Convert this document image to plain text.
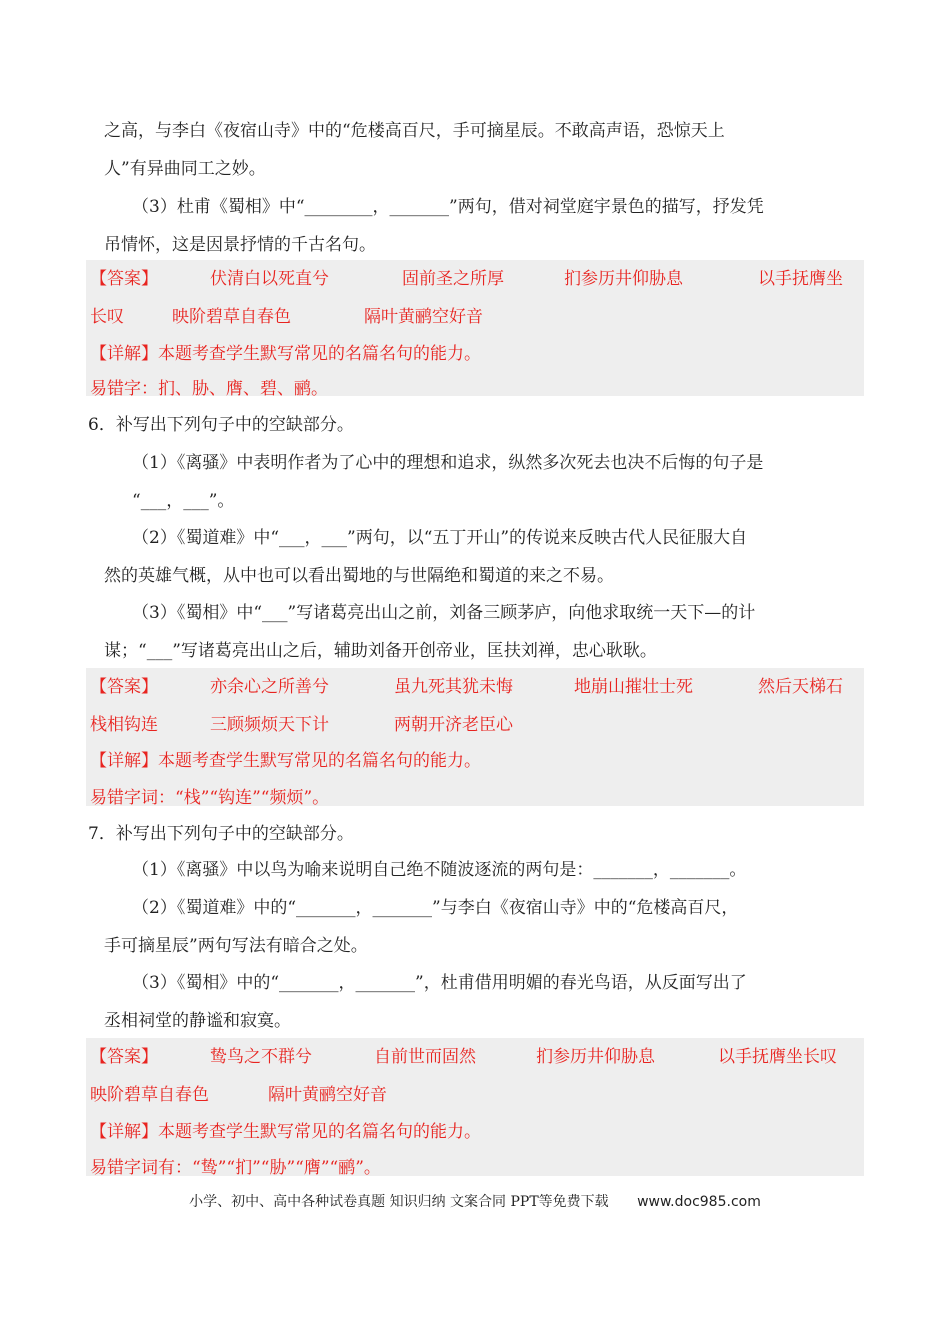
之高，与李白《夜宿山寺》中的“危楼高百尺，手可摘星辰。不敢高声语，恐惊天上
人”有异曲同工之妙。
（3）杜甫《蜀相》中“________，_______”两句，借对祠堂庭宇景色的描写，抒发凭
吊情怀，这是因景抒情的千古名句。
【答案】	伏清白以死直兮	固前圣之所厚	扪参历井仰胁息	以手抚膺坐
长叹	映阶碧草自春色	隔叶黄鹂空好音
【详解】本题考查学生默写常见的名篇名句的能力。
易错字：扪、胁、膺、碧、鹂。
6．补写出下列句子中的空缺部分。
（1）《离骚》中表明作者为了心中的理想和追求，纵然多次死去也决不后悔的句子是
“___，___”。
（2）《蜀道难》中“___，___”两句，以“五丁开山”的传说来反映古代人民征服大自
然的英雄气概，从中也可以看出蜀地的与世隔绝和蜀道的来之不易。
（3）《蜀相》中“___”写诸葛亮出山之前，刘备三顾茅庐，向他求取统一天下—的计
谋；“___”写诸葛亮出山之后，辅助刘备开创帝业，匡扶刘禅，忠心耿耿。
【答案】	亦余心之所善兮	虽九死其犹未悔	地崩山摧壮士死	然后天梯石
栈相钩连	三顾频烦天下计	两朝开济老臣心
【详解】本题考查学生默写常见的名篇名句的能力。
易错字词：“栈”“钩连”“频烦”。
7．补写出下列句子中的空缺部分。
（1）《离骚》中以鸟为喻来说明自己绝不随波逐流的两句是：_______，_______。
（2）《蜀道难》中的“_______，_______”与李白《夜宿山寺》中的“危楼高百尺，
手可摘星辰”两句写法有暗合之处。
（3）《蜀相》中的“_______，_______”，杜甫借用明媚的春光鸟语，从反面写出了
丞相祠堂的静谧和寂寞。
【答案】	鸷鸟之不群兮	自前世而固然	扪参历井仰胁息	以手抚膺坐长叹
映阶碧草自春色	隔叶黄鹂空好音
【详解】本题考查学生默写常见的名篇名句的能力。
易错字词有：“鸷”“扪”“胁”“膺”“鹂”。
小学、初中、高中各种试卷真题 知识归纳 文案合同 PPT等免费下载 www.doc985.com
